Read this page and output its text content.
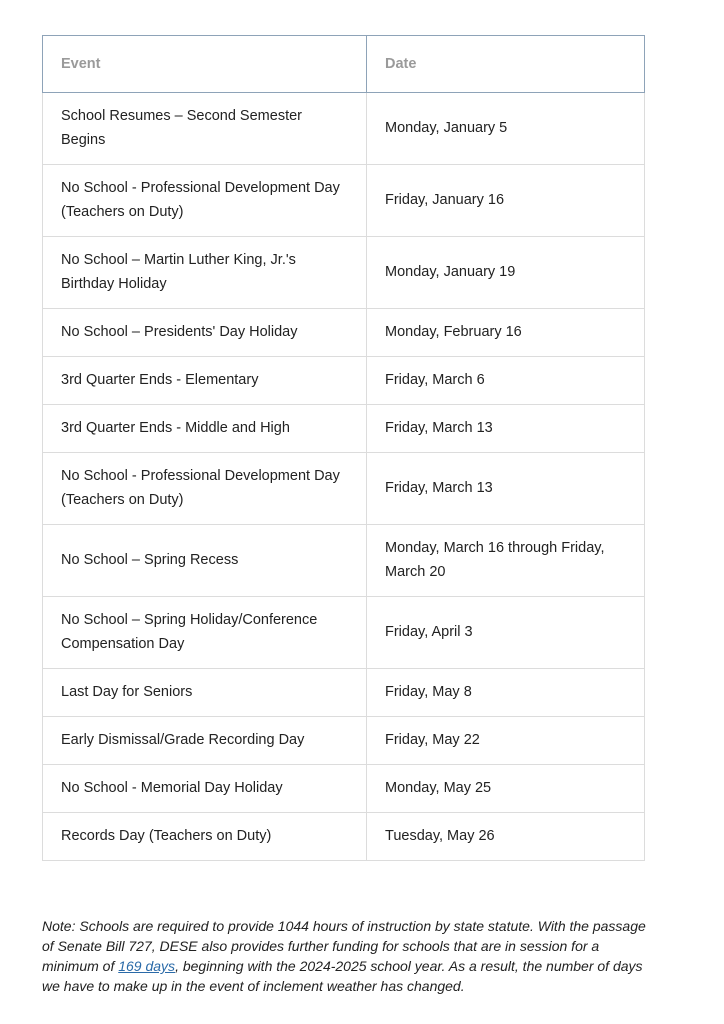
Event	Date
School Resumes – Second Semester Begins	Monday, January 5
No School - Professional Development Day (Teachers on Duty)	Friday, January 16
No School – Martin Luther King, Jr.'s Birthday Holiday	Monday, January 19
No School – Presidents' Day Holiday	Monday, February 16
3rd Quarter Ends - Elementary	Friday, March 6
3rd Quarter Ends - Middle and High	Friday, March 13
No School - Professional Development Day (Teachers on Duty)	Friday, March 13
No School – Spring Recess	Monday, March 16 through Friday, March 20
No School – Spring Holiday/Conference Compensation Day	Friday, April 3
Last Day for Seniors	Friday, May 8
Early Dismissal/Grade Recording Day	Friday, May 22
No School - Memorial Day Holiday	Monday, May 25
Records Day (Teachers on Duty)	Tuesday, May 26

Note: Schools are required to provide 1044 hours of instruction by state statute. With the passage of Senate Bill 727, DESE also provides further funding for schools that are in session for a minimum of 169 days, beginning with the 2024-2025 school year. As a result, the number of days we have to make up in the event of inclement weather has changed.
